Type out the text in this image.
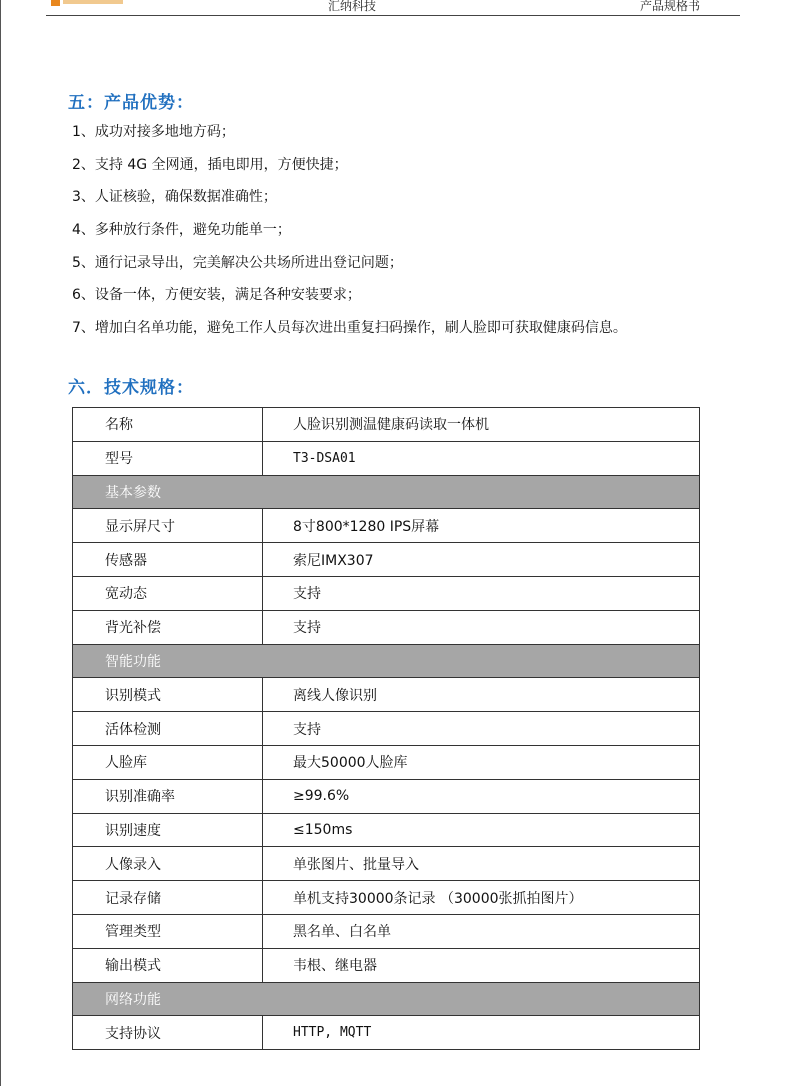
汇纳科技	产品规格书
五：产品优势：
1、成功对接多地地方码；
2、支持 4G 全网通，插电即用，方便快捷；
3、人证核验，确保数据准确性；
4、多种放行条件，避免功能单一；
5、通行记录导出，完美解决公共场所进出登记问题；
6、设备一体，方便安装，满足各种安装要求；
7、增加白名单功能，避免工作人员每次进出重复扫码操作，刷人脸即可获取健康码信息。
六．技术规格：
名称	人脸识别测温健康码读取一体机
型号	T3-DSA01
基本参数	
显示屏尺寸	8寸800*1280 IPS屏幕
传感器	索尼IMX307
宽动态	支持
背光补偿	支持
智能功能	
识别模式	离线人像识别
活体检测	支持
人脸库	最大50000人脸库
识别准确率	≥99.6%
识别速度	≤150ms
人像录入	单张图片、批量导入
记录存储	单机支持30000条记录 （30000张抓拍图片）
管理类型	黑名单、白名单
输出模式	韦根、继电器
网络功能	
支持协议	HTTP, MQTT
